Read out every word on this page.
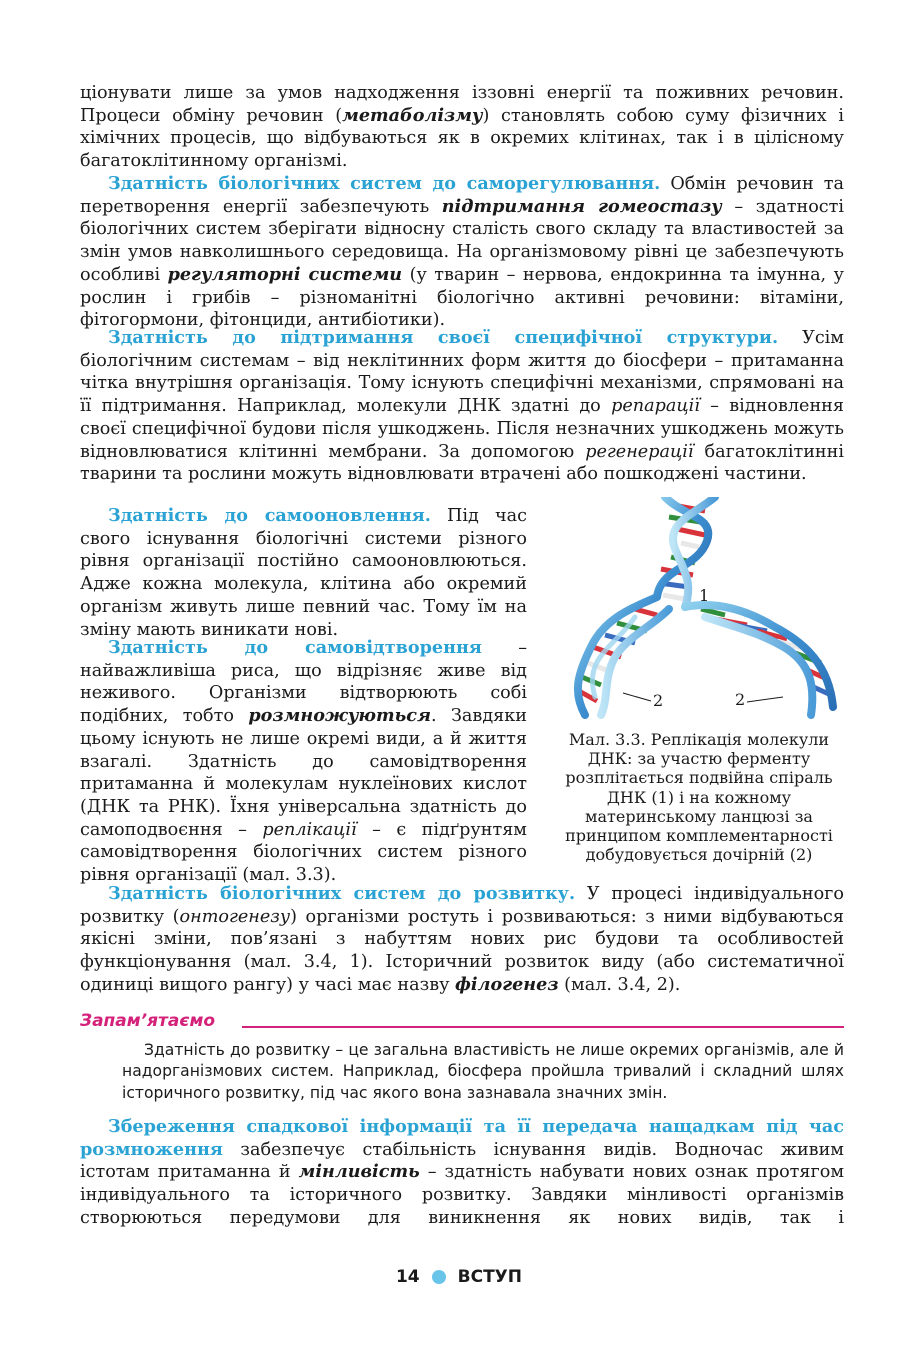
ціонувати лише за умов надходження іззовні енергії та поживних речовин. Процеси обміну речовин (метаболізму) становлять собою суму фізичних і хімічних процесів, що відбуваються як в окремих клітинах, так і в цілісному багатоклітинному організмі.

Здатність біологічних систем до саморегулювання. Обмін речовин та перетворення енергії забезпечують підтримання гомеостазу – здатності біологічних систем зберігати відносну сталість свого складу та властивостей за змін умов навколишнього середовища. На організмовому рівні це забезпечують особливі регуляторні системи (у тварин – нервова, ендокринна та імунна, у рослин і грибів – різноманітні біологічно активні речовини: вітаміни, фітогормони, фітонциди, антибіотики).

Здатність до підтримання своєї специфічної структури. Усім біологічним системам – від неклітинних форм життя до біосфери – притаманна чітка внутрішня організація. Тому існують специфічні механізми, спрямовані на її підтримання. Наприклад, молекули ДНК здатні до репарації – відновлення своєї специфічної будови після ушкоджень. Після незначних ушкоджень можуть відновлюватися клітинні мембрани. За допомогою регенерації багатоклітинні тварини та рослини можуть відновлювати втрачені або пошкоджені частини.

Здатність до самооновлення. Під час свого існування біологічні системи різного рівня організації постійно самооновлюються. Адже кожна молекула, клітина або окремий організм живуть лише певний час. Тому їм на зміну мають виникати нові.

Здатність до самовідтворення – найважливіша риса, що відрізняє живе від неживого. Організми відтворюють собі подібних, тобто розмножуються. Завдяки цьому існують не лише окремі види, а й життя взагалі. Здатність до самовідтворення притаманна й молекулам нуклеїнових кислот (ДНК та РНК). Їхня універсальна здатність до самоподвоєння – реплікації – є підґрунтям самовідтворення біологічних систем різного рівня організації (мал. 3.3).

1
2	2

Мал. 3.3. Реплікація молекули ДНК: за участю ферменту розплітається подвійна спіраль ДНК (1) і на кожному материнському ланцюзі за принципом комплементарності добудовується дочірній (2)

Здатність біологічних систем до розвитку. У процесі індивідуального розвитку (онтогенезу) організми ростуть і розвиваються: з ними відбуваються якісні зміни, пов’язані з набуттям нових рис будови та особливостей функціонування (мал. 3.4, 1). Історичний розвиток виду (або систематичної одиниці вищого рангу) у часі має назву філогенез (мал. 3.4, 2).

Запам’ятаємо

Здатність до розвитку – це загальна властивість не лише окремих організмів, але й надорганізмових систем. Наприклад, біосфера пройшла тривалий і складний шлях історичного розвитку, під час якого вона зазнавала значних змін.

Збереження спадкової інформації та її передача нащадкам під час розмноження забезпечує стабільність існування видів. Водночас живим істотам притаманна й мінливість – здатність набувати нових ознак протягом індивідуального та історичного розвитку. Завдяки мінливості організмів створюються передумови для виникнення як нових видів, так і

14 ВСТУП
